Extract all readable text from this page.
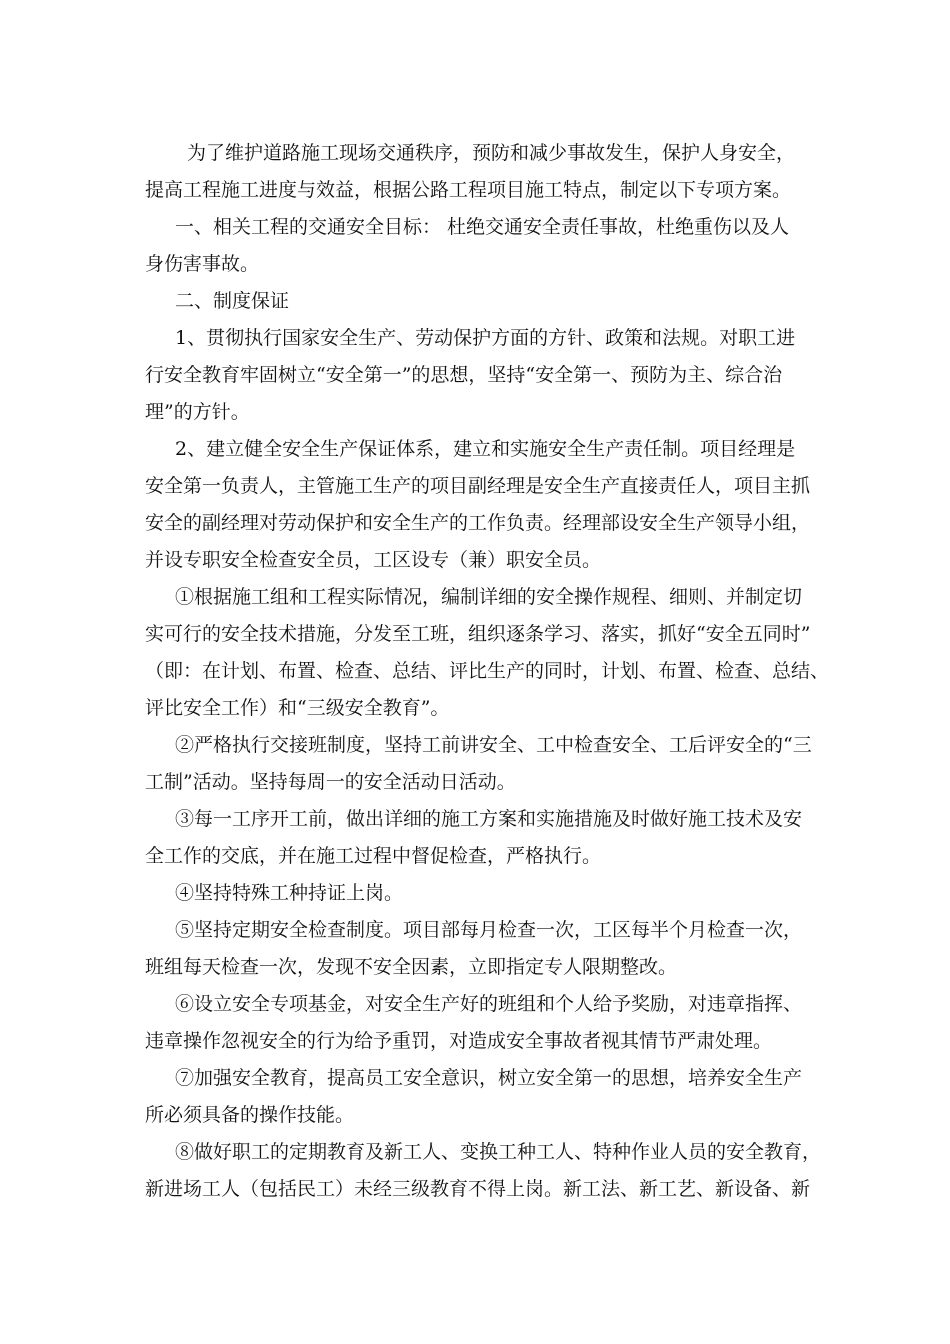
为了维护道路施工现场交通秩序，预防和减少事故发生，保护人身安全，
提高工程施工进度与效益，根据公路工程项目施工特点，制定以下专项方案。

一、相关工程的交通安全目标： 杜绝交通安全责任事故，杜绝重伤以及人
身伤害事故。

二、制度保证

1、贯彻执行国家安全生产、劳动保护方面的方针、政策和法规。对职工进
行安全教育牢固树立“安全第一”的思想，坚持“安全第一、预防为主、综合治
理”的方针。

2、建立健全安全生产保证体系，建立和实施安全生产责任制。项目经理是
安全第一负责人，主管施工生产的项目副经理是安全生产直接责任人，项目主抓
安全的副经理对劳动保护和安全生产的工作负责。经理部设安全生产领导小组，
并设专职安全检查安全员，工区设专（兼）职安全员。

①根据施工组和工程实际情况，编制详细的安全操作规程、细则、并制定切
实可行的安全技术措施，分发至工班，组织逐条学习、落实，抓好“安全五同时”
（即：在计划、布置、检查、总结、评比生产的同时，计划、布置、检查、总结、
评比安全工作）和“三级安全教育”。

②严格执行交接班制度，坚持工前讲安全、工中检查安全、工后评安全的“三
工制”活动。坚持每周一的安全活动日活动。

③每一工序开工前，做出详细的施工方案和实施措施及时做好施工技术及安
全工作的交底，并在施工过程中督促检查，严格执行。

④坚持特殊工种持证上岗。

⑤坚持定期安全检查制度。项目部每月检查一次，工区每半个月检查一次，
班组每天检查一次，发现不安全因素，立即指定专人限期整改。

⑥设立安全专项基金，对安全生产好的班组和个人给予奖励，对违章指挥、
违章操作忽视安全的行为给予重罚，对造成安全事故者视其情节严肃处理。

⑦加强安全教育，提高员工安全意识，树立安全第一的思想，培养安全生产
所必须具备的操作技能。

⑧做好职工的定期教育及新工人、变换工种工人、特种作业人员的安全教育，
新进场工人（包括民工）未经三级教育不得上岗。新工法、新工艺、新设备、新
